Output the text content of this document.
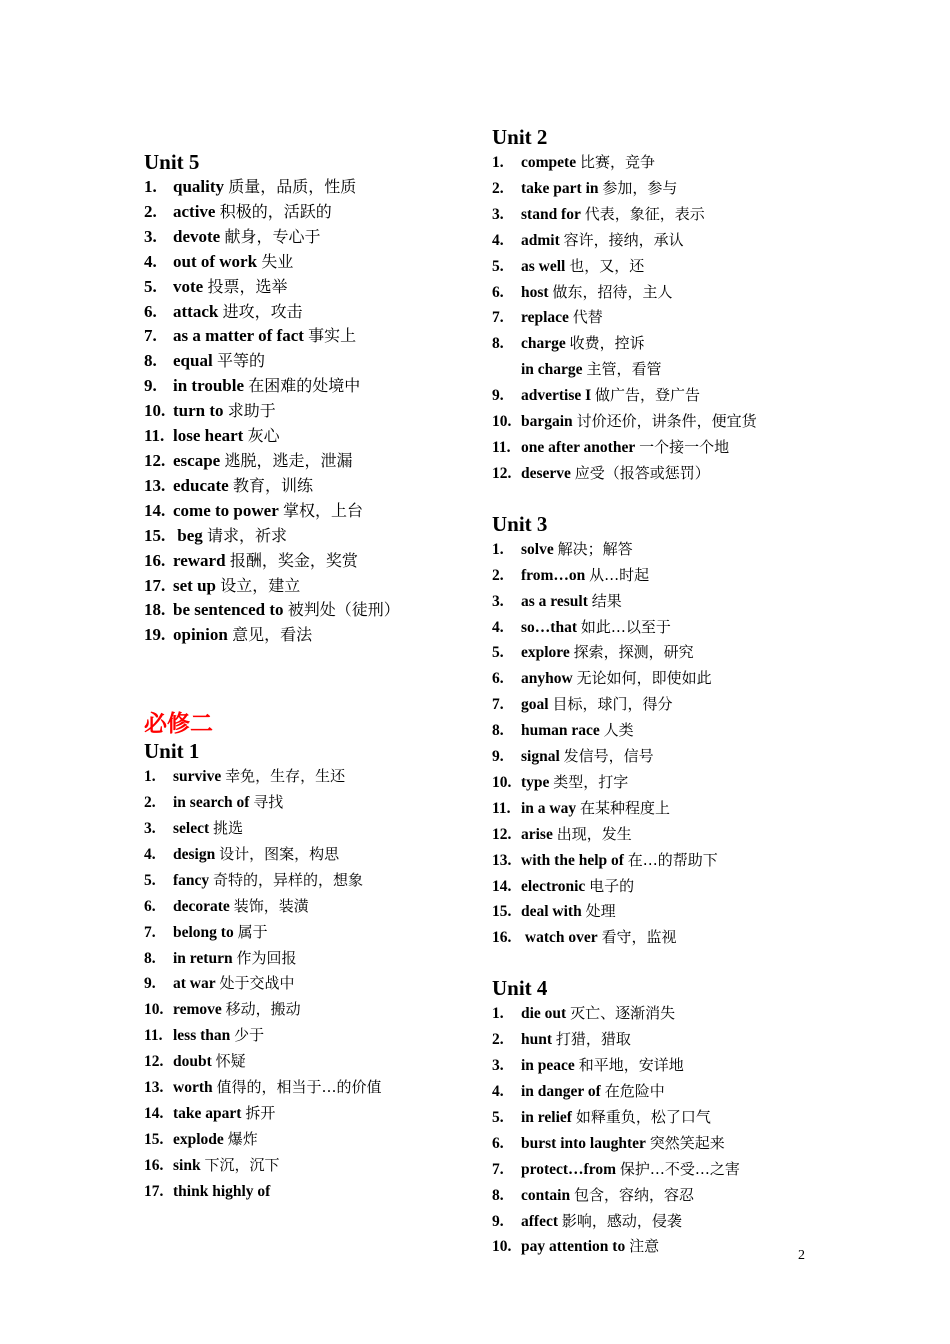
Unit 5
1. quality 质量，品质，性质
2. active 积极的，活跃的
3. devote 献身，专心于
4. out of work 失业
5. vote 投票，选举
6. attack 进攻，攻击
7. as a matter of fact 事实上
8. equal 平等的
9. in trouble 在困难的处境中
10. turn to 求助于
11. lose heart 灰心
12. escape 逃脱，逃走，泄漏
13. educate 教育，训练
14. come to power 掌权，上台
15. beg 请求，祈求
16. reward 报酬，奖金，奖赏
17. set up 设立，建立
18. be sentenced to 被判处（徒刑）
19. opinion 意见，看法
必修二
Unit 1
1. survive 幸免，生存，生还
2. in search of 寻找
3. select 挑选
4. design 设计，图案，构思
5. fancy 奇特的，异样的，想象
6. decorate 装饰，装潢
7. belong to 属于
8. in return 作为回报
9. at war 处于交战中
10. remove 移动，搬动
11. less than 少于
12. doubt 怀疑
13. worth 值得的，相当于…的价值
14. take apart 拆开
15. explode 爆炸
16. sink 下沉，沉下
17. think highly of
Unit 2
1. compete 比赛，竞争
2. take part in 参加，参与
3. stand for 代表，象征，表示
4. admit 容许，接纳，承认
5. as well 也，又，还
6. host 做东，招待，主人
7. replace 代替
8. charge 收费，控诉
in charge 主管，看管
9. advertise I 做广告，登广告
10. bargain 讨价还价，讲条件，便宜货
11. one after another 一个接一个地
12. deserve 应受（报答或惩罚）
Unit 3
1. solve 解决；解答
2. from…on 从…时起
3. as a result 结果
4. so…that 如此…以至于
5. explore 探索，探测，研究
6. anyhow 无论如何，即使如此
7. goal 目标，球门，得分
8. human race 人类
9. signal 发信号，信号
10. type 类型，打字
11. in a way 在某种程度上
12. arise 出现，发生
13. with the help of 在…的帮助下
14. electronic 电子的
15. deal with 处理
16. watch over 看守，监视
Unit 4
1. die out 灭亡、逐渐消失
2. hunt 打猎，猎取
3. in peace 和平地，安详地
4. in danger of 在危险中
5. in relief 如释重负，松了口气
6. burst into laughter 突然笑起来
7. protect…from 保护…不受…之害
8. contain 包含，容纳，容忍
9. affect 影响，感动，侵袭
10. pay attention to 注意
2
